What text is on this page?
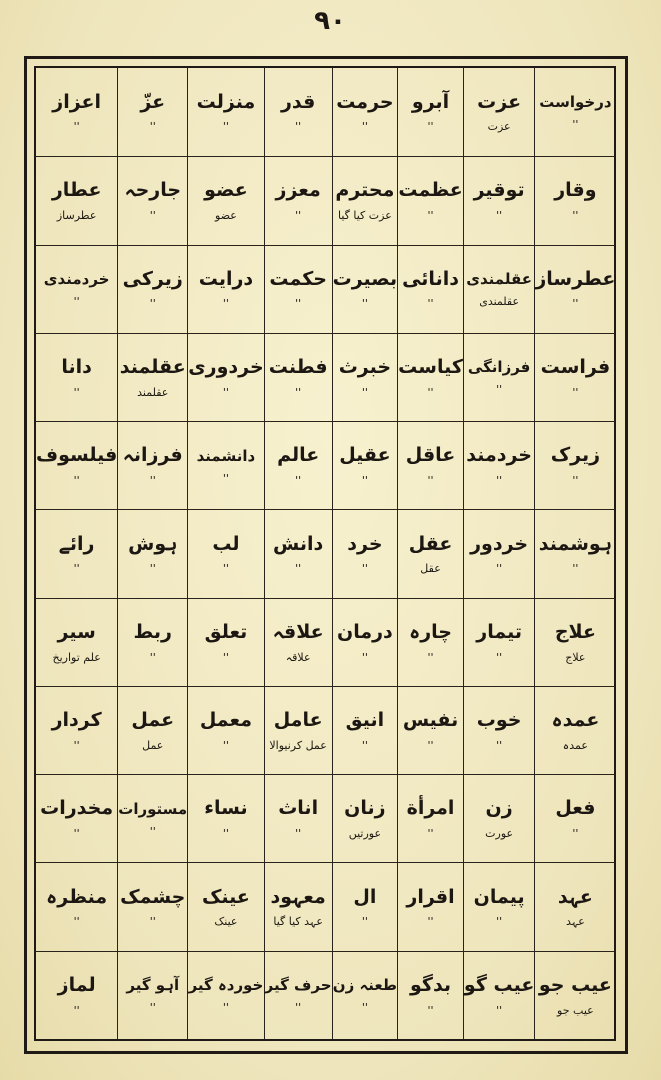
۹۰
اعزاز
''
عزّ
''
منزلت
''
قدر
''
حرمت
''
آبرو
''
عزت
عزت
درخواست
''
عطار
عطرساز
جارحہ
''
عضو
عضو
معزز
''
محترم
عزت کیا گیا
عظمت
''
توقیر
''
وقار
''
خردمندی
''
زیرکی
''
درایت
''
حکمت
''
بصیرت
''
دانائی
''
عقلمندی
عقلمندی
عطرساز
''
دانا
''
عقلمند
عقلمند
خردوری
''
فطنت
''
خبرث
''
کیاست
''
فرزانگی
''
فراست
''
فیلسوف
''
فرزانہ
''
دانشمند
''
عالم
''
عقیل
''
عاقل
''
خردمند
''
زیرک
''
رائے
''
ہوش
''
لب
''
دانش
''
خرد
''
عقل
عقل
خردور
''
ہوشمند
''
سیر
علم تواریخ
ربط
''
تعلق
''
علاقہ
علاقہ
درمان
''
چارہ
''
تیمار
''
علاج
علاج
کردار
''
عمل
عمل
معمل
''
عامل
عمل کرنیوالا
انیق
''
نفیس
''
خوب
''
عمدہ
عمدہ
مخدرات
''
مستورات
''
نساء
''
اناث
''
زنان
عورتیں
امرأة
''
زن
عورت
فعل
''
منظرہ
''
چشمک
''
عینک
عینک
معہود
عہد کیا گیا
ال
''
اقرار
''
پیمان
''
عہد
عہد
لماز
''
آہو گیر
''
خوردہ گیر
''
حرف گیر
''
طعنہ زن
''
بدگو
''
عیب گو
''
عیب جو
عیب جو
